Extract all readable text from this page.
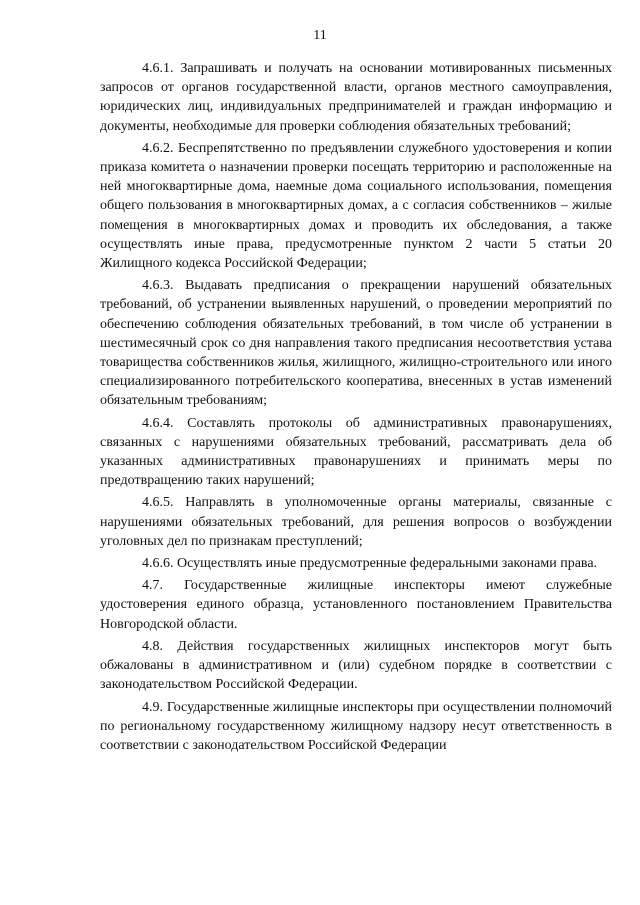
11

4.6.1. Запрашивать и получать на основании мотивированных письменных запросов от органов государственной власти, органов местного самоуправления, юридических лиц, индивидуальных предпринимателей и граждан информацию и документы, необходимые для проверки соблюдения обязательных требований;

4.6.2. Беспрепятственно по предъявлении служебного удостоверения и копии приказа комитета о назначении проверки посещать территорию и расположенные на ней многоквартирные дома, наемные дома социального использования, помещения общего пользования в многоквартирных домах, а с согласия собственников – жилые помещения в многоквартирных домах и проводить их обследования, а также осуществлять иные права, предусмотренные пунктом 2 части 5 статьи 20 Жилищного кодекса Российской Федерации;

4.6.3. Выдавать предписания о прекращении нарушений обязательных требований, об устранении выявленных нарушений, о проведении мероприятий по обеспечению соблюдения обязательных требований, в том числе об устранении в шестимесячный срок со дня направления такого предписания несоответствия устава товарищества собственников жилья, жилищного, жилищно-строительного или иного специализированного потребительского кооператива, внесенных в устав изменений обязательным требованиям;

4.6.4. Составлять протоколы об административных правонарушениях, связанных с нарушениями обязательных требований, рассматривать дела об указанных административных правонарушениях и принимать меры по предотвращению таких нарушений;

4.6.5. Направлять в уполномоченные органы материалы, связанные с нарушениями обязательных требований, для решения вопросов о возбуждении уголовных дел по признакам преступлений;

4.6.6. Осуществлять иные предусмотренные федеральными законами права.

4.7. Государственные жилищные инспекторы имеют служебные удостоверения единого образца, установленного постановлением Правительства Новгородской области.

4.8. Действия государственных жилищных инспекторов могут быть обжалованы в административном и (или) судебном порядке в соответствии с законодательством Российской Федерации.

4.9. Государственные жилищные инспекторы при осуществлении полномочий по региональному государственному жилищному надзору несут ответственность в соответствии с законодательством Российской Федерации
